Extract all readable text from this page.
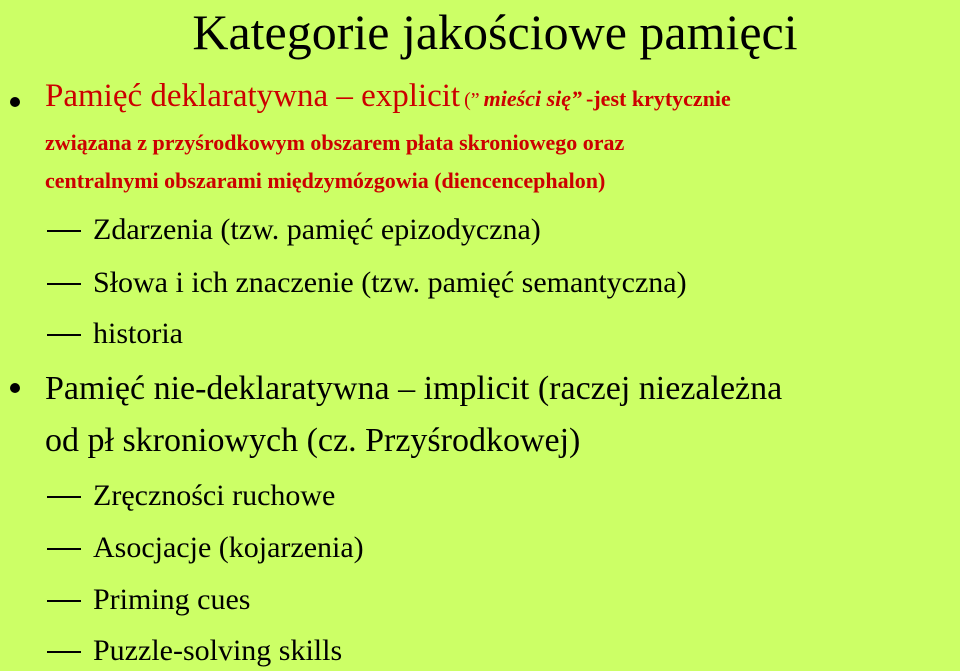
Kategorie jakościowe pamięci
Pamięć deklaratywna – explicit (” mieści się” -jest krytycznie
związana z przyśrodkowym obszarem płata skroniowego oraz
centralnymi obszarami międzymózgowia (diencencephalon)
Zdarzenia (tzw. pamięć epizodyczna)
Słowa i ich znaczenie (tzw. pamięć semantyczna)
historia
Pamięć nie-deklaratywna – implicit (raczej niezależna
od pł skroniowych (cz. Przyśrodkowej)
Zręczności ruchowe
Asocjacje (kojarzenia)
Priming cues
Puzzle-solving skills
